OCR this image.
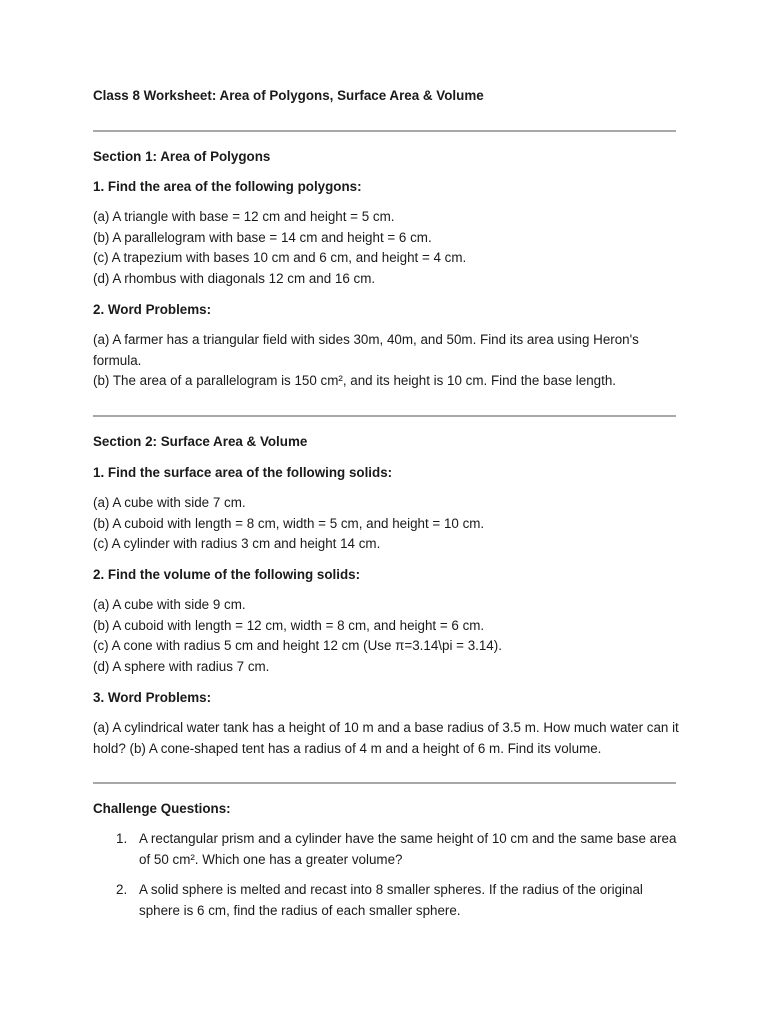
Class 8 Worksheet: Area of Polygons, Surface Area & Volume
Section 1: Area of Polygons
1. Find the area of the following polygons:
(a) A triangle with base = 12 cm and height = 5 cm.
(b) A parallelogram with base = 14 cm and height = 6 cm.
(c) A trapezium with bases 10 cm and 6 cm, and height = 4 cm.
(d) A rhombus with diagonals 12 cm and 16 cm.
2. Word Problems:
(a) A farmer has a triangular field with sides 30m, 40m, and 50m. Find its area using Heron's formula.
(b) The area of a parallelogram is 150 cm², and its height is 10 cm. Find the base length.
Section 2: Surface Area & Volume
1. Find the surface area of the following solids:
(a) A cube with side 7 cm.
(b) A cuboid with length = 8 cm, width = 5 cm, and height = 10 cm.
(c) A cylinder with radius 3 cm and height 14 cm.
2. Find the volume of the following solids:
(a) A cube with side 9 cm.
(b) A cuboid with length = 12 cm, width = 8 cm, and height = 6 cm.
(c) A cone with radius 5 cm and height 12 cm (Use π=3.14\pi = 3.14).
(d) A sphere with radius 7 cm.
3. Word Problems:
(a) A cylindrical water tank has a height of 10 m and a base radius of 3.5 m. How much water can it hold? (b) A cone-shaped tent has a radius of 4 m and a height of 6 m. Find its volume.
Challenge Questions:
1. A rectangular prism and a cylinder have the same height of 10 cm and the same base area of 50 cm². Which one has a greater volume?
2. A solid sphere is melted and recast into 8 smaller spheres. If the radius of the original sphere is 6 cm, find the radius of each smaller sphere.
